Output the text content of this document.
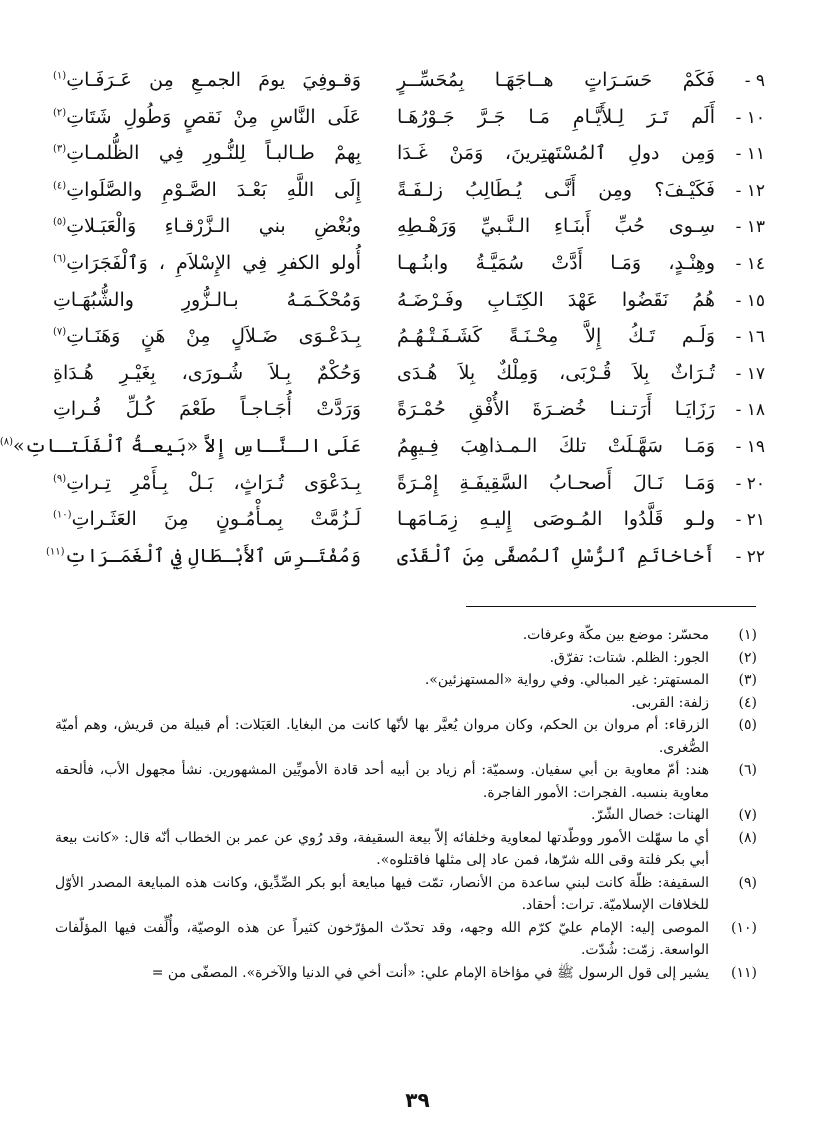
٩ -
فَكَمْ حَسَـرَاتٍ هــاجَهَـا بِمُحَسِّــرٍ
وَقـوفِيَ يومَ الجمـعِ مِن عَـرَفَـاتِ$^{(١)}$
١٠ -
أَلَم تَـرَ لِـلأَيَّـامِ مَـا جَـرَّ جَـوْرُهَـا
عَلَى النَّاسِ مِنْ نَقصٍ وَطُولِ شَتَاتِ$^{(٢)}$
١١ -
وَمِن دولِ ٱلمُسْتَهتِرينَ، وَمَنْ غَـدَا
بِهمْ طـالبـاً لِلنُّـورِ فِي الظُّلمـاتِ$^{(٣)}$
١٢ -
فَكَيْـفَ؟ ومِن أَنَّـى يُـطَالِبُ زلـفَـةً
إِلَى اللَّهِ بَعْـدَ الصَّـوْمِ والصَّلَواتِ$^{(٤)}$
١٣ -
سِـوى حُبِّ أَبنَـاءِ الـنَّـبيِّ وَرَهْـطِهِ
وبُغْضِ بني الـزَّرْقـاءِ وَالْعَبَـلاتِ$^{(٥)}$
١٤ -
وهِنْـدٍ، وَمَـا أَدَّتْ سُمَيَّـةُ وابنُـهـا
أُولو الكفرِ فِي الإِسْلاَمِ ، وَٱلْفَجَرَاتِ$^{(٦)}$
١٥ -
هُمُ نَقَضُوا عَهْدَ الكِتَـابِ وفَـرْضَـهُ
وَمُحْكَـمَـهُ بـالـزُّورِ والشُّبُهَـاتِ
١٦ -
وَلَـم تَـكُ إِلاَّ مِحْـنَـةً كَشَـفَـتْـهُـمُ
بِـدَعْـوَى ضَـلاَلٍ مِنْ هَنٍ وَهَنَـاتِ$^{(٧)}$
١٧ -
تُـرَاثٌ بِلاَ قُـرْبَى، وَمِلْكٌ بِلاَ هُـدَى
وَحُكْمٌ بِـلاَ شُـورَى، بِغَيْـرِ هُـدَاةِ
١٨ -
رَزَايَـا أَرَتـنـا خُضـرَةَ الأُفْقِ حُمْـرَةً
وَرَدَّتْ أُجَـاجـاً طَعْمَ كُـلِّ فُـراتِ
١٩ -
وَمَـا سَهَّـلَتْ تلكَ الـمـذاهِبَ فِـيهِمُ
عَلَى الـنَّـاسِ إِلاَّ «بَيعـةُ ٱلْفَلَتـاتِ»$^{(٨)}$
٢٠ -
وَمَـا نَـالَ أَصحـابُ السَّقِيفَـةِ إِمْـرَةً
بِـدَعْوَى تُـرَاثٍ، بَـلْ بِـأَمْرِ تِـراتِ$^{(٩)}$
٢١ -
ولـو قَلَّدُوا المُـوصَى إِليـهِ زِمَـامَهـا
لَـزُمَّتْ بِمـأْمُـونٍ مِنَ العَثَـراتِ$^{(١٠)}$
٢٢ -
أَخاخاتَمِ ٱلرُّسْلِ ٱلمُصفَّى مِنَ ٱلْقَذَى
وَمُفْتَـرِسَ ٱلأَبْـطَالِ فِي ٱلْغَمَـرَاتِ$^{(١١)}$
(١)
محسّر: موضع بين مكّة وعرفات.
(٢)
الجور: الظلم. شتات: تفرّق.
(٣)
المستهتر: غير المبالي. وفي رواية «المستهزئين».
(٤)
زلفة: القربى.
(٥)
الزرقاء: أم مروان بن الحكم، وكان مروان يُعيَّر بها لأنّها كانت من البغايا. العَبَلات: أم قبيلة من قريش، وهم أميّة الصُّغرى.
(٦)
هند: أمّ معاوية بن أبي سفيان. وسميّة: أم زياد بن أبيه أحد قادة الأمويِّين المشهورين. نشأ مجهول الأب، فألحقه معاوية بنسبه. الفجرات: الأمور الفاجرة.
(٧)
الهنات: خصال الشّرّ.
(٨)
أي ما سهّلت الأمور ووطّدتها لمعاوية وخلفائه إلاّ بيعة السقيفة، وقد رُوي عن عمر بن الخطاب أنّه قال: «كانت بيعة أبي بكر فلتة وقى الله شرّها، فمن عاد إلى مثلها فاقتلوه».
(٩)
السقيفة: ظلّة كانت لبني ساعدة من الأنصار، تمّت فيها مبايعة أبو بكر الصِّدِّيق، وكانت هذه المبايعة المصدر الأوّل للخلافات الإسلاميّة. ترات: أحقاد.
(١٠)
الموصى إليه: الإمام عليّ كرّم الله وجهه، وقد تحدّث المؤرّخون كثيراً عن هذه الوصيّة، وأُلِّفت فيها المؤلّفات الواسعة. زمّت: شُدّت.
(١١)
يشير إلى قول الرسول ﷺ في مؤاخاة الإمام علي: «أنت أخي في الدنيا والآخرة». المصفّى من =
٣٩
